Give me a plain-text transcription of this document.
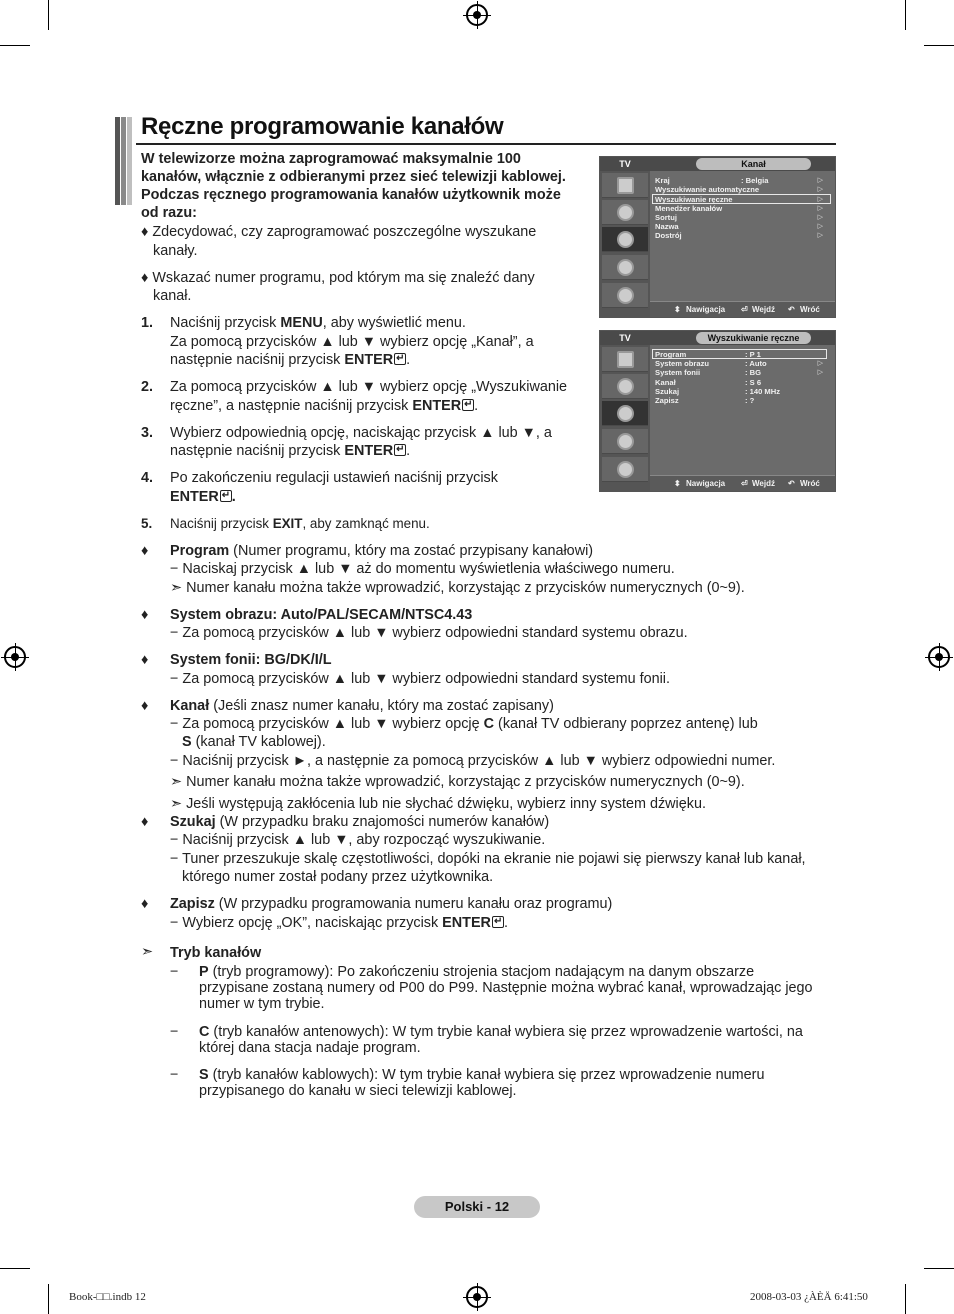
Ręczne programowanie kanałów
W telewizorze można zaprogramować maksymalnie 100
kanałów, włącznie z odbieranymi przez sieć telewizji kablowej.
Podczas ręcznego programowania kanałów użytkownik może
od razu:
♦ Zdecydować, czy zaprogramować poszczególne wyszukane
kanały.
♦ Wskazać numer programu, pod którym ma się znaleźć dany
kanał.
1. Naciśnij przycisk MENU, aby wyświetlić menu.
Za pomocą przycisków ▲ lub ▼ wybierz opcję „Kanał”, a
następnie naciśnij przycisk ENTER ↵ .
2. Za pomocą przycisków ▲ lub ▼ wybierz opcję „Wyszukiwanie
ręczne”, a następnie naciśnij przycisk ENTER ↵ .
3. Wybierz odpowiednią opcję, naciskając przycisk ▲ lub ▼, a
następnie naciśnij przycisk ENTER ↵ .
4. Po zakończeniu regulacji ustawień naciśnij przycisk
ENTER ↵ .
5. Naciśnij przycisk EXIT, aby zamknąć menu.
TV	Kanał
Kraj	: Belgia	▷
Wyszukiwanie automatyczne	▷
Wyszukiwanie ręczne	▷
Menedżer kanałów	▷
Sortuj	▷
Nazwa	▷
Dostrój	▷
⬍ Nawigacja ⏎ Wejdź ↶ Wróć
TV	Wyszukiwanie ręczne
Program	: P 1
System obrazu	: Auto	▷
System fonii	: BG	▷
Kanał	: S 6
Szukaj	: 140 MHz
Zapisz	: ?
⬍ Nawigacja ⏎ Wejdź ↶ Wróć
♦ Program (Numer programu, który ma zostać przypisany kanałowi)
− Naciskaj przycisk ▲ lub ▼ aż do momentu wyświetlenia właściwego numeru.
➣ Numer kanału można także wprowadzić, korzystając z przycisków numerycznych (0~9).
♦ System obrazu: Auto/PAL/SECAM/NTSC4.43
− Za pomocą przycisków ▲ lub ▼ wybierz odpowiedni standard systemu obrazu.
♦ System fonii: BG/DK/I/L
− Za pomocą przycisków ▲ lub ▼ wybierz odpowiedni standard systemu fonii.
♦ Kanał (Jeśli znasz numer kanału, który ma zostać zapisany)
− Za pomocą przycisków ▲ lub ▼ wybierz opcję C (kanał TV odbierany poprzez antenę) lub
S (kanał TV kablowej).
− Naciśnij przycisk ►, a następnie za pomocą przycisków ▲ lub ▼ wybierz odpowiedni numer.
➣ Numer kanału można także wprowadzić, korzystając z przycisków numerycznych (0~9).
➣ Jeśli występują zakłócenia lub nie słychać dźwięku, wybierz inny system dźwięku.
♦ Szukaj (W przypadku braku znajomości numerów kanałów)
− Naciśnij przycisk ▲ lub ▼, aby rozpocząć wyszukiwanie.
− Tuner przeszukuje skalę częstotliwości, dopóki na ekranie nie pojawi się pierwszy kanał lub kanał,
którego numer został podany przez użytkownika.
♦ Zapisz (W przypadku programowania numeru kanału oraz programu)
− Wybierz opcję „OK”, naciskając przycisk ENTER ↵ .
➣ Tryb kanałów
− P (tryb programowy): Po zakończeniu strojenia stacjom nadającym na danym obszarze
przypisane zostaną numery od P00 do P99. Następnie można wybrać kanał, wprowadzając jego
numer w tym trybie.
− C (tryb kanałów antenowych): W tym trybie kanał wybiera się przez wprowadzenie wartości, na
której dana stacja nadaje program.
− S (tryb kanałów kablowych): W tym trybie kanał wybiera się przez wprowadzenie numeru
przypisanego do kanału w sieci telewizji kablowej.
Polski - 12
Book-□□.indb 12	2008-03-03 ¿ÀÈÄ 6:41:50
